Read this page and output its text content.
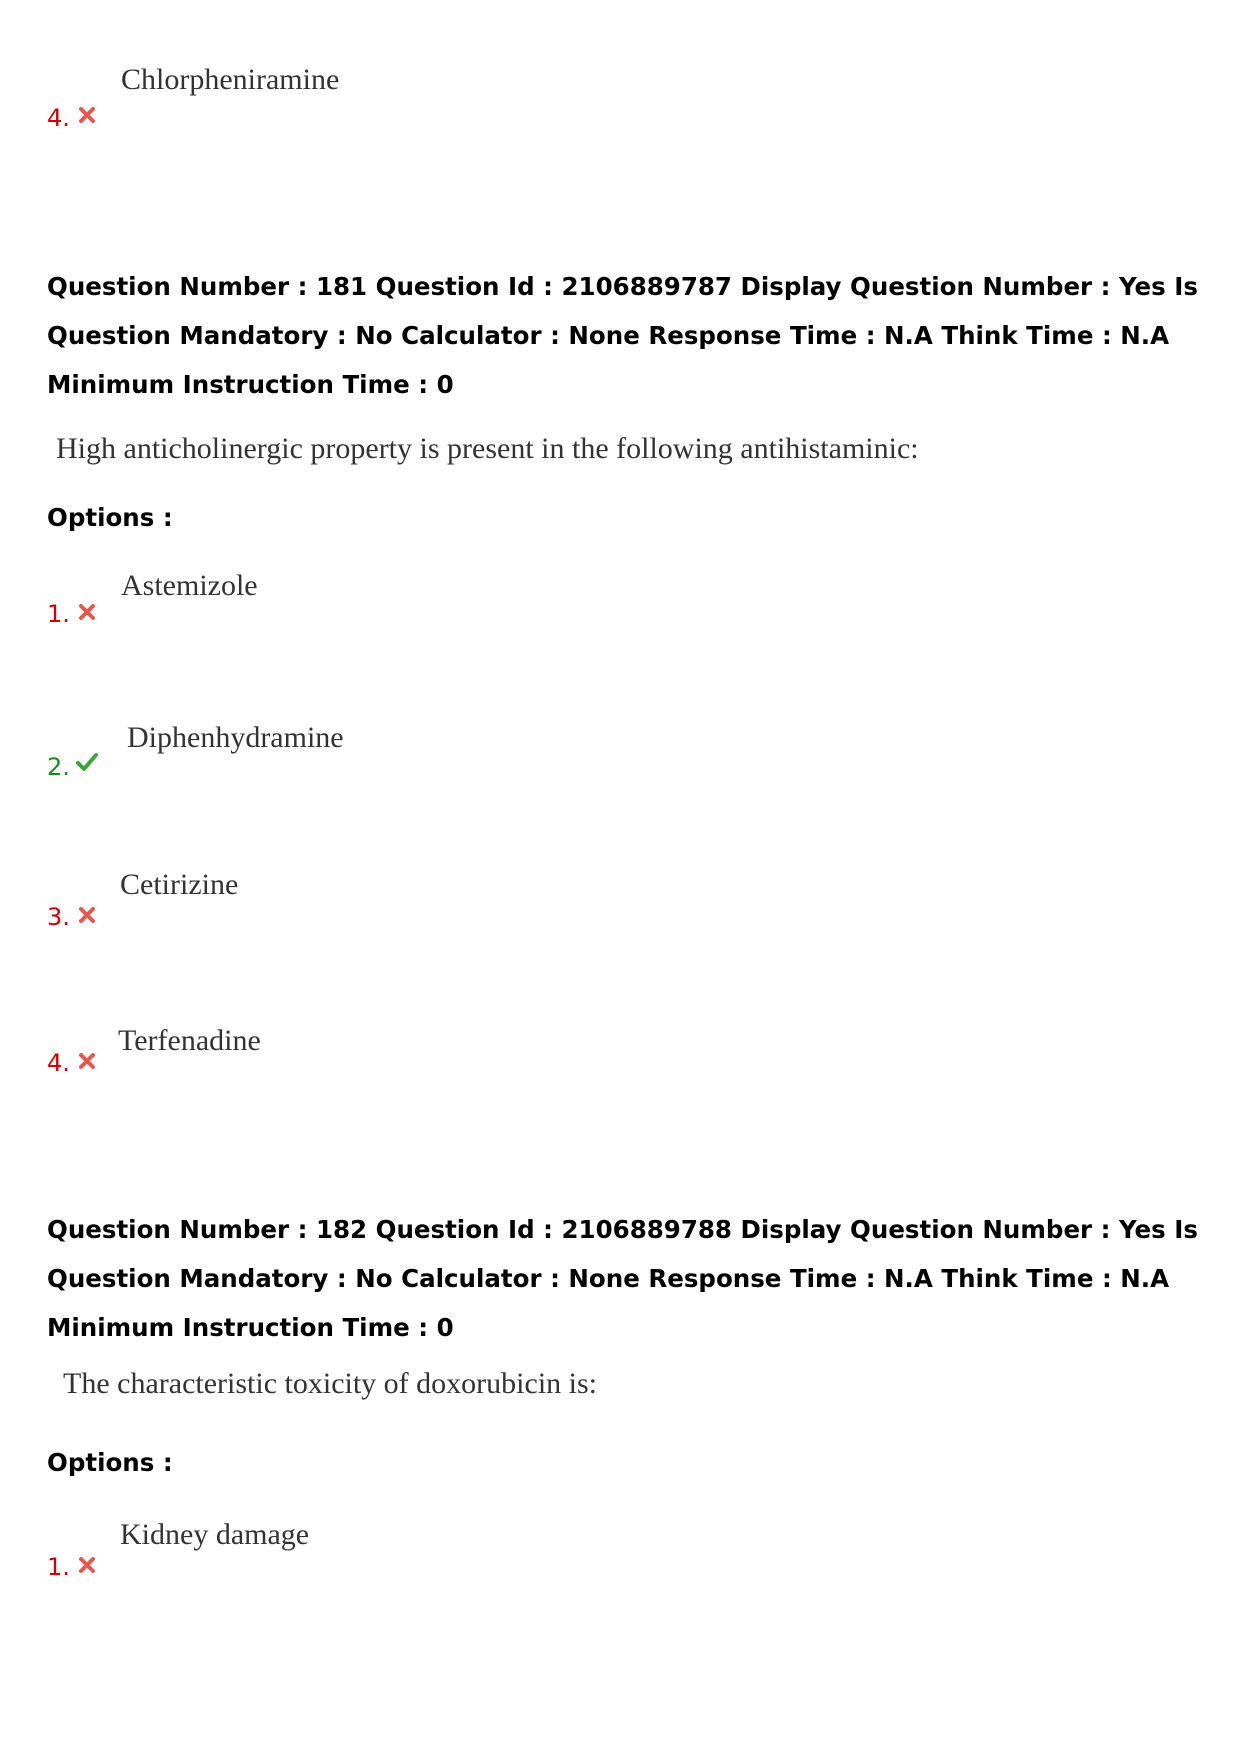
4.
Chlorpheniramine

Question Number : 181 Question Id : 2106889787 Display Question Number : Yes Is Question Mandatory : No Calculator : None Response Time : N.A Think Time : N.A Minimum Instruction Time : 0

High anticholinergic property is present in the following antihistaminic:
Options :
1.
Astemizole
2.
Diphenhydramine
3.
Cetirizine
4.
Terfenadine

Question Number : 182 Question Id : 2106889788 Display Question Number : Yes Is Question Mandatory : No Calculator : None Response Time : N.A Think Time : N.A Minimum Instruction Time : 0

The characteristic toxicity of doxorubicin is:
Options :
1.
Kidney damage
